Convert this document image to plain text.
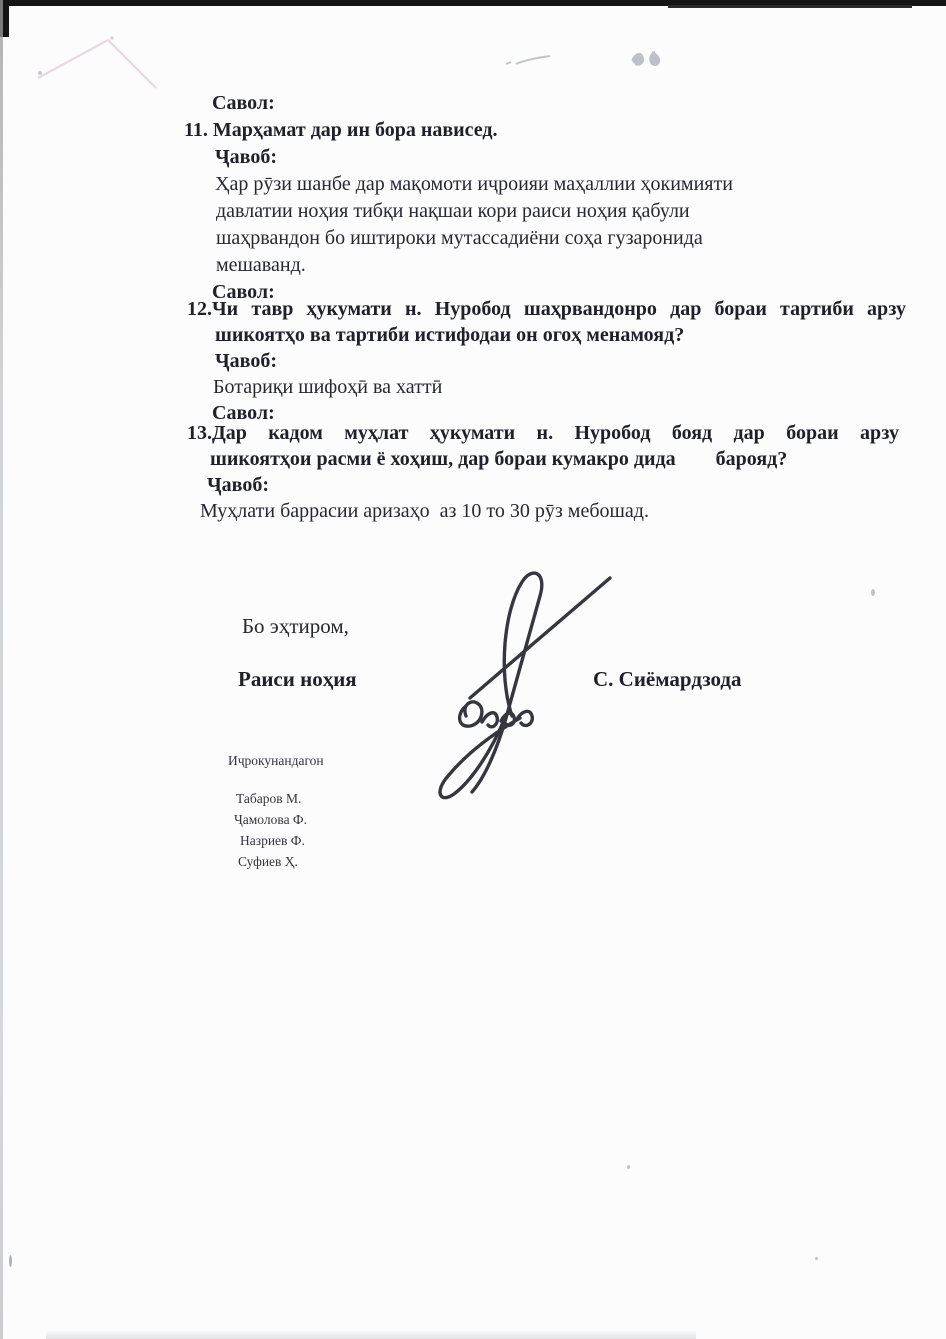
Савол:
11. Марҳамат дар ин бора нависед.
Ҷавоб:
Ҳар рӯзи шанбе дар мақомоти иҷроияи маҳаллии ҳокимияти
давлатии ноҳия тибқи нақшаи кори раиси ноҳия қабули
шаҳрвандон бо иштироки мутассадиёни соҳа гузаронида
мешаванд.
Савол:
12.Чи тавр ҳукумати н. Нуробод шаҳрвандонро дар бораи тартиби арзу
шикоятҳо ва тартиби истифодаи он огоҳ менамояд?
Ҷавоб:
Ботариқи шифоҳӣ ва хаттӣ
Савол:
13.Дар кадом муҳлат ҳукумати н. Нуробод бояд дар бораи арзу
шикоятҳои расми ё хоҳиш, дар бораи кумакро дида        барояд?
Ҷавоб:
Муҳлати баррасии аризаҳо  аз 10 то 30 рӯз мебошад.
Бо эҳтиром,
Раиси ноҳия	С. Сиёмардзода
Иҷрокунандагон
Табаров М.
Ҷамолова Ф.
Назриев Ф.
Суфиев Ҳ.
